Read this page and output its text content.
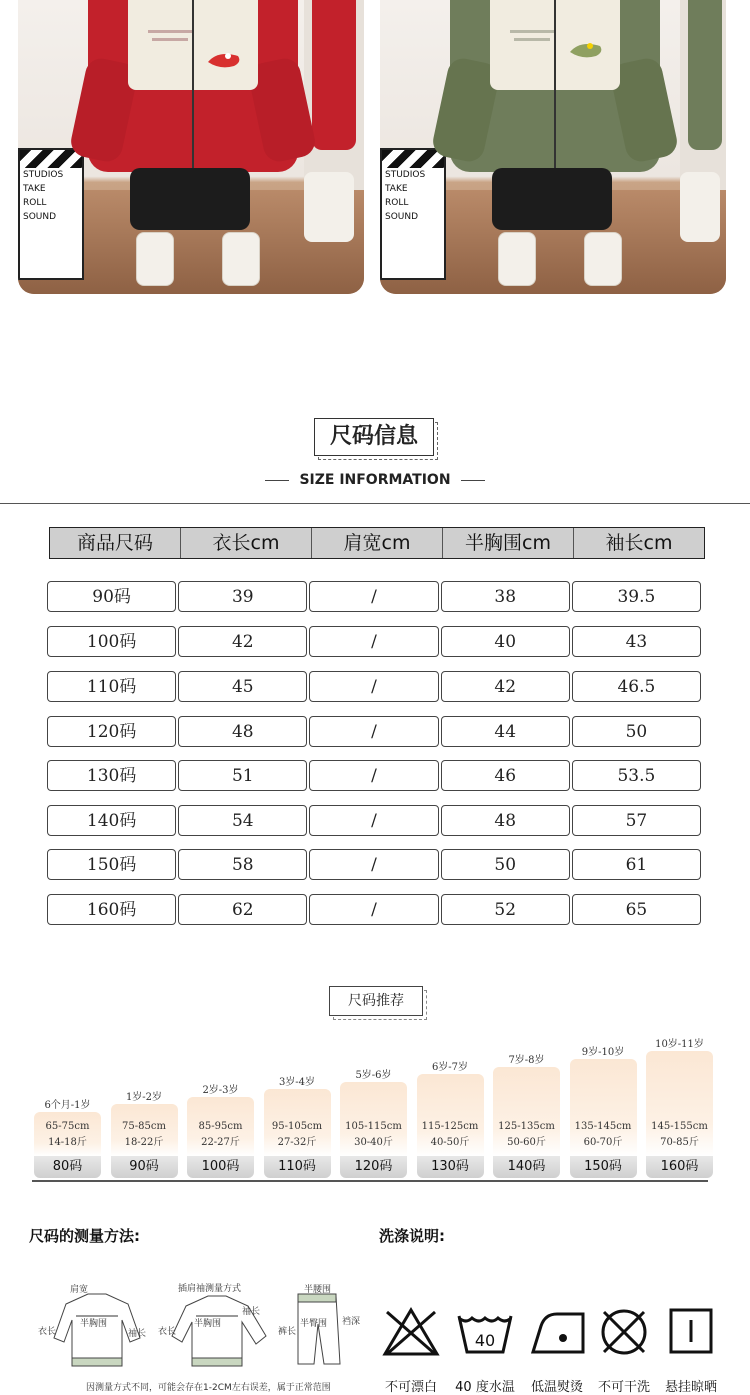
STUDIOS
TAKE
ROLL
SOUND
STUDIOS
TAKE
ROLL
SOUND
尺码信息
SIZE INFORMATION
商品尺码	衣长cm	肩宽cm	半胸围cm	袖长cm
90码	39	/	38	39.5
100码	42	/	40	43
110码	45	/	42	46.5
120码	48	/	44	50
130码	51	/	46	53.5
140码	54	/	48	57
150码	58	/	50	61
160码	62	/	52	65
尺码推荐
6个月-1岁
65-75cm
14-18斤
80码
1岁-2岁
75-85cm
18-22斤
90码
2岁-3岁
85-95cm
22-27斤
100码
3岁-4岁
95-105cm
27-32斤
110码
5岁-6岁
105-115cm
30-40斤
120码
6岁-7岁
115-125cm
40-50斤
130码
7岁-8岁
125-135cm
50-60斤
140码
9岁-10岁
135-145cm
60-70斤
150码
10岁-11岁
145-155cm
70-85斤
160码
尺码的测量方法:
肩宽
半胸围
衣长	袖长
插肩袖测量方式
袖长
衣长
半胸围
半腰围
半臀围
裤长
裆深
因测量方式不同，可能会存在1-2CM左右误差，属于正常范围
洗涤说明:
不可漂白
40
40 度水温	低温熨烫	不可干洗	悬挂晾晒
